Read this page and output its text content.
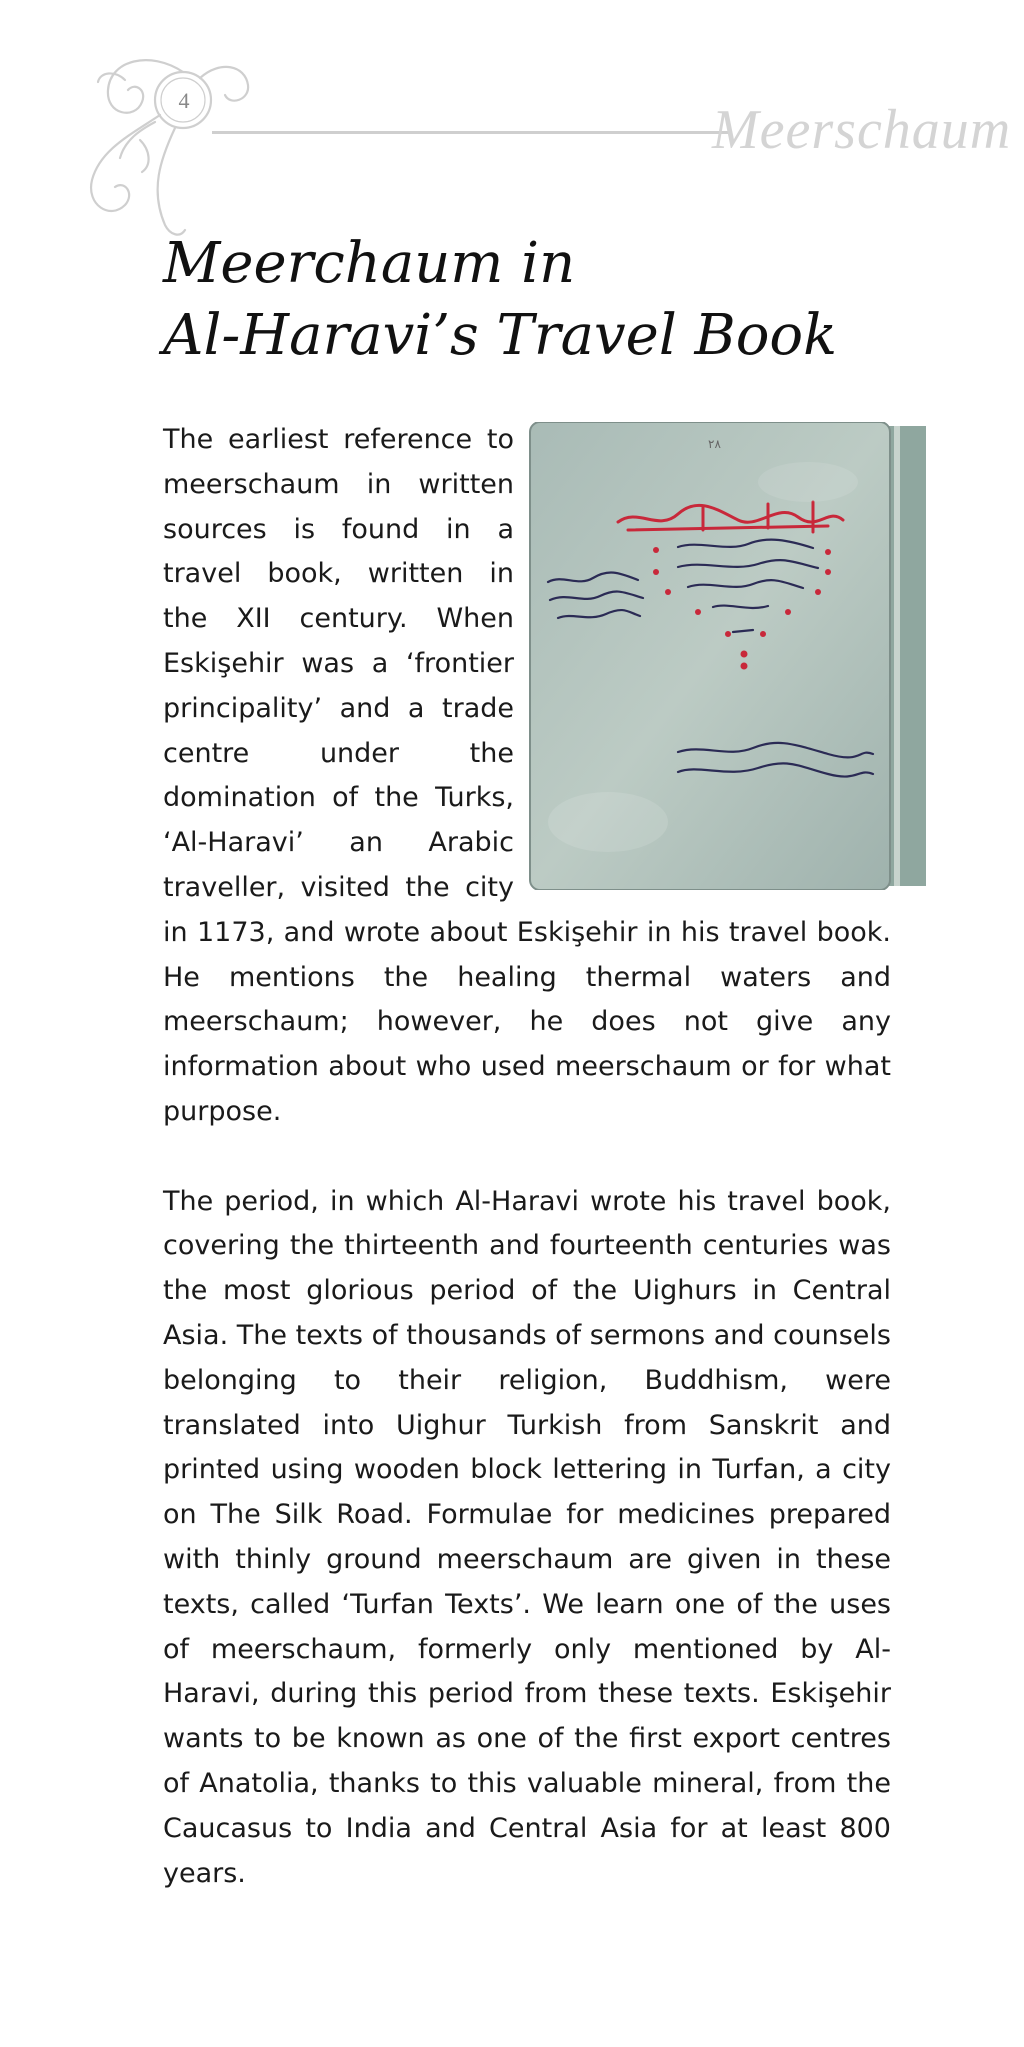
4	Meerschaum
Meerchaum in
Al-Haravi’s Travel Book
٢٨

The earliest reference to meerschaum in written sources is found in a travel book, written in the XII century. When Eskişehir was a ‘frontier principality’ and a trade centre under the domination of the Turks, ‘Al-Haravi’ an Arabic traveller, visited the city in 1173, and wrote about Eskişehir in his travel book. He mentions the healing thermal waters and meerschaum; however, he does not give any information about who used meerschaum or for what purpose.

The period, in which Al-Haravi wrote his travel book, covering the thirteenth and fourteenth centuries was the most glorious period of the Uighurs in Central Asia. The texts of thousands of sermons and counsels belonging to their religion, Buddhism, were translated into Uighur Turkish from Sanskrit and printed using wooden block lettering in Turfan, a city on The Silk Road. Formulae for medicines prepared with thinly ground meerschaum are given in these texts, called ‘Turfan Texts’. We learn one of the uses of meerschaum, formerly only mentioned by Al-Haravi, during this period from these texts. Eskişehir wants to be known as one of the first export centres of Anatolia, thanks to this valuable mineral, from the Caucasus to India and Central Asia for at least 800 years.
